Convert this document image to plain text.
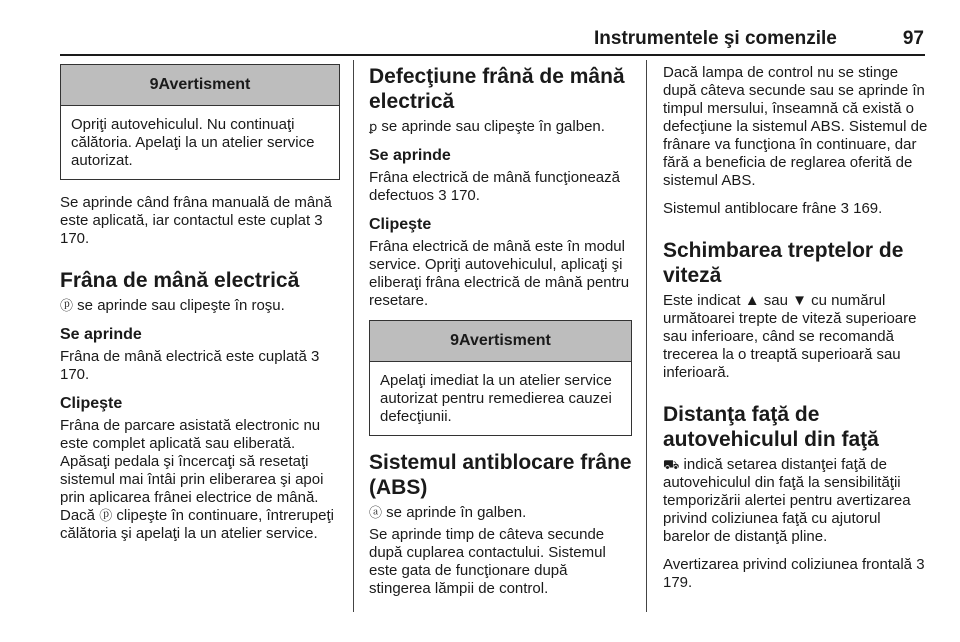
Instrumentele şi comenzile	97
9Avertisment
Opriţi autovehiculul. Nu continuaţi călătoria. Apelaţi la un atelier service autorizat.

Se aprinde când frâna manuală de mână este aplicată, iar contactul este cuplat 3 170.

Frâna de mână electrică

ⓟ se aprinde sau clipeşte în roşu.

Se aprinde

Frâna de mână electrică este cuplată 3 170.

Clipeşte

Frâna de parcare asistată electronic nu este complet aplicată sau eliberată. Apăsaţi pedala şi încercaţi să resetaţi sistemul mai întâi prin eliberarea şi apoi prin aplicarea frânei electrice de mână. Dacă ⓟ clipeşte în continuare, întrerupeţi călătoria şi apelaţi la un atelier service.

Defecţiune frână de mână electrică

ꝑ se aprinde sau clipeşte în galben.

Se aprinde

Frâna electrică de mână funcţionează defectuos 3 170.

Clipeşte

Frâna electrică de mână este în modul service. Opriţi autovehiculul, aplicaţi şi eliberaţi frâna electrică de mână pentru resetare.

9Avertisment
Apelaţi imediat la un atelier service autorizat pentru remedierea cauzei defecţiunii.
Sistemul antiblocare frâne (ABS)

ⓐ se aprinde în galben.

Se aprinde timp de câteva secunde după cuplarea contactului. Sistemul este gata de funcţionare după stingerea lămpii de control.

Dacă lampa de control nu se stinge după câteva secunde sau se aprinde în timpul mersului, înseamnă că există o defecţiune la sistemul ABS. Sistemul de frânare va funcţiona în continuare, dar fără a beneficia de reglarea oferită de sistemul ABS.

Sistemul antiblocare frâne 3 169.

Schimbarea treptelor de viteză

Este indicat ▲ sau ▼ cu numărul următoarei trepte de viteză superioare sau inferioare, când se recomandă trecerea la o treaptă superioară sau inferioară.

Distanţa faţă de autovehiculul din faţă

⛟ indică setarea distanţei faţă de autovehiculul din faţă la sensibilităţii temporizării alertei pentru avertizarea privind coliziunea faţă cu ajutorul barelor de distanţă pline.

Avertizarea privind coliziunea frontală 3 179.
